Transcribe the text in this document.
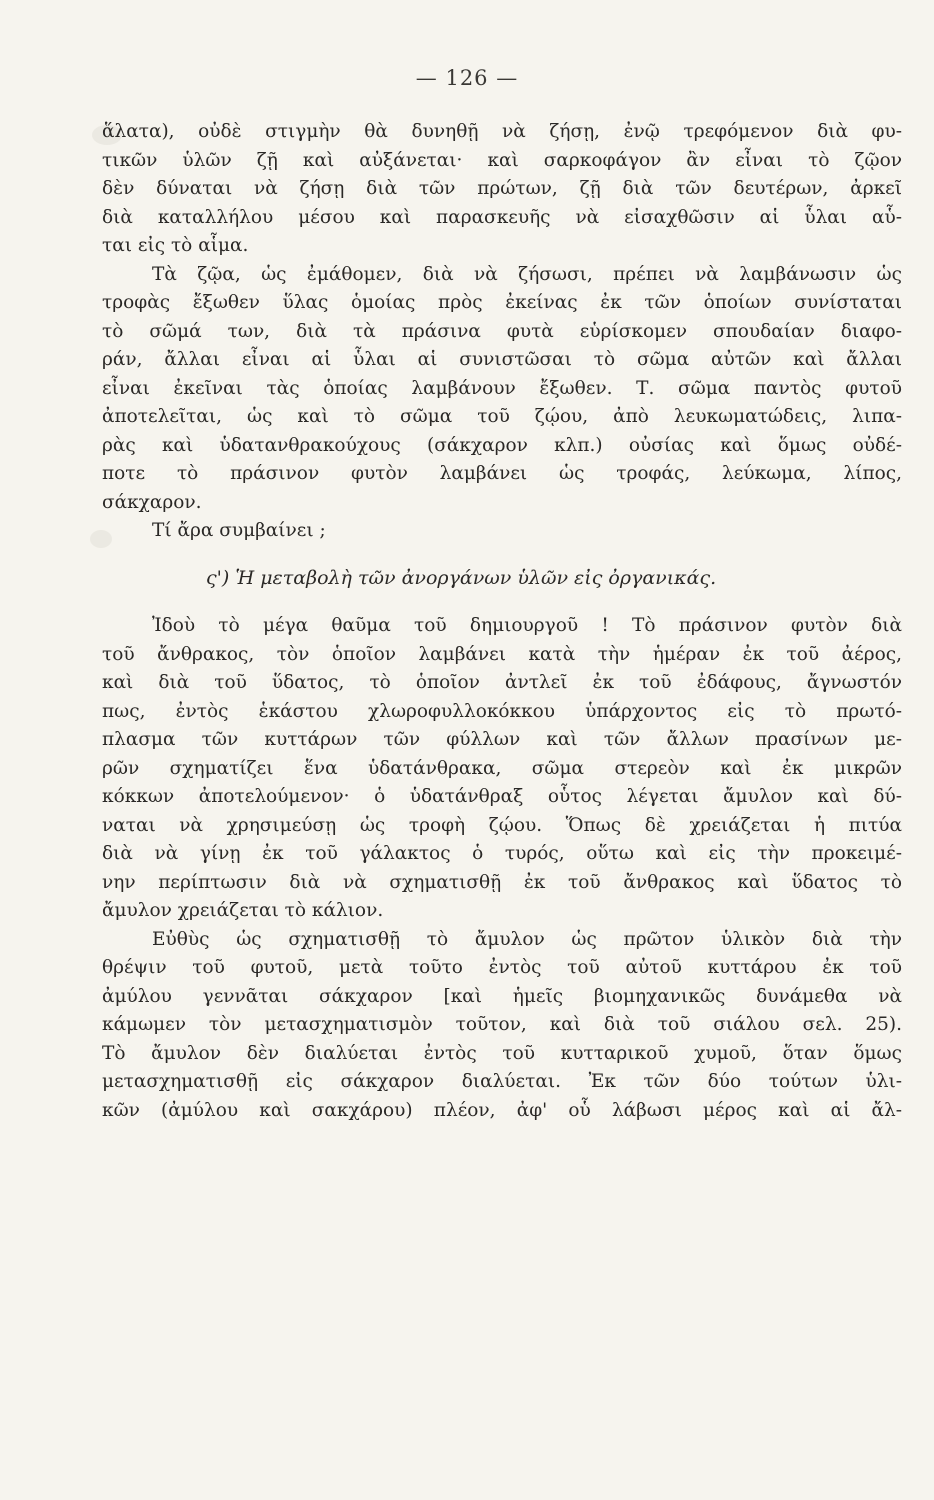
— 126 —
ἅλατα), οὐδὲ στιγμὴν θὰ δυνηθῇ νὰ ζήσῃ, ἐνῷ τρεφόμενον διὰ φυ-
τικῶν ὑλῶν ζῇ καὶ αὐξάνεται· καὶ σαρκοφάγον ἂν εἶναι τὸ ζῷον
δὲν δύναται νὰ ζήσῃ διὰ τῶν πρώτων, ζῇ διὰ τῶν δευτέρων, ἀρκεῖ
διὰ καταλλήλου μέσου καὶ παρασκευῆς νὰ εἰσαχθῶσιν αἱ ὗλαι αὗ-
ται εἰς τὸ αἷμα.
Τὰ ζῷα, ὡς ἐμάθομεν, διὰ νὰ ζήσωσι, πρέπει νὰ λαμβάνωσιν ὡς
τροφὰς ἔξωθεν ὕλας ὁμοίας πρὸς ἐκείνας ἐκ τῶν ὁποίων συνίσταται
τὸ σῶμά των, διὰ τὰ πράσινα φυτὰ εὑρίσκομεν σπουδαίαν διαφο-
ράν, ἄλλαι εἶναι αἱ ὗλαι αἱ συνιστῶσαι τὸ σῶμα αὐτῶν καὶ ἄλλαι
εἶναι ἐκεῖναι τὰς ὁποίας λαμβάνουν ἔξωθεν. Τ. σῶμα παντὸς φυτοῦ
ἀποτελεῖται, ὡς καὶ τὸ σῶμα τοῦ ζῴου, ἀπὸ λευκωματώδεις, λιπα-
ρὰς καὶ ὑδατανθρακούχους (σάκχαρον κλπ.) οὐσίας καὶ ὅμως οὐδέ-
ποτε τὸ πράσινον φυτὸν λαμβάνει ὡς τροφάς, λεύκωμα, λίπος,
σάκχαρον.
Τί ἄρα συμβαίνει ;
ς') Ἡ μεταβολὴ τῶν ἀνοργάνων ὑλῶν εἰς ὀργανικάς.
Ἰδοὺ τὸ μέγα θαῦμα τοῦ δημιουργοῦ ! Τὸ πράσινον φυτὸν διὰ
τοῦ ἄνθρακος, τὸν ὁποῖον λαμβάνει κατὰ τὴν ἡμέραν ἐκ τοῦ ἀέρος,
καὶ διὰ τοῦ ὕδατος, τὸ ὁποῖον ἀντλεῖ ἐκ τοῦ ἐδάφους, ἄγνωστόν
πως, ἐντὸς ἑκάστου χλωροφυλλοκόκκου ὑπάρχοντος εἰς τὸ πρωτό-
πλασμα τῶν κυττάρων τῶν φύλλων καὶ τῶν ἄλλων πρασίνων με-
ρῶν σχηματίζει ἕνα ὑδατάνθρακα, σῶμα στερεὸν καὶ ἐκ μικρῶν
κόκκων ἀποτελούμενον· ὁ ὑδατάνθραξ οὗτος λέγεται ἄμυλον καὶ δύ-
ναται νὰ χρησιμεύσῃ ὡς τροφὴ ζῴου. Ὅπως δὲ χρειάζεται ἡ πιτύα
διὰ νὰ γίνῃ ἐκ τοῦ γάλακτος ὁ τυρός, οὕτω καὶ εἰς τὴν προκειμέ-
νην περίπτωσιν διὰ νὰ σχηματισθῇ ἐκ τοῦ ἄνθρακος καὶ ὕδατος τὸ
ἄμυλον χρειάζεται τὸ κάλιον.
Εὐθὺς ὡς σχηματισθῇ τὸ ἄμυλον ὡς πρῶτον ὑλικὸν διὰ τὴν
θρέψιν τοῦ φυτοῦ, μετὰ τοῦτο ἐντὸς τοῦ αὐτοῦ κυττάρου ἐκ τοῦ
ἀμύλου γεννᾶται σάκχαρον [καὶ ἡμεῖς βιομηχανικῶς δυνάμεθα νὰ
κάμωμεν τὸν μετασχηματισμὸν τοῦτον, καὶ διὰ τοῦ σιάλου σελ. 25).
Τὸ ἄμυλον δὲν διαλύεται ἐντὸς τοῦ κυτταρικοῦ χυμοῦ, ὅταν ὅμως
μετασχηματισθῇ εἰς σάκχαρον διαλύεται. Ἐκ τῶν δύο τούτων ὑλι-
κῶν (ἀμύλου καὶ σακχάρου) πλέον, ἀφ' οὗ λάβωσι μέρος καὶ αἱ ἄλ-
